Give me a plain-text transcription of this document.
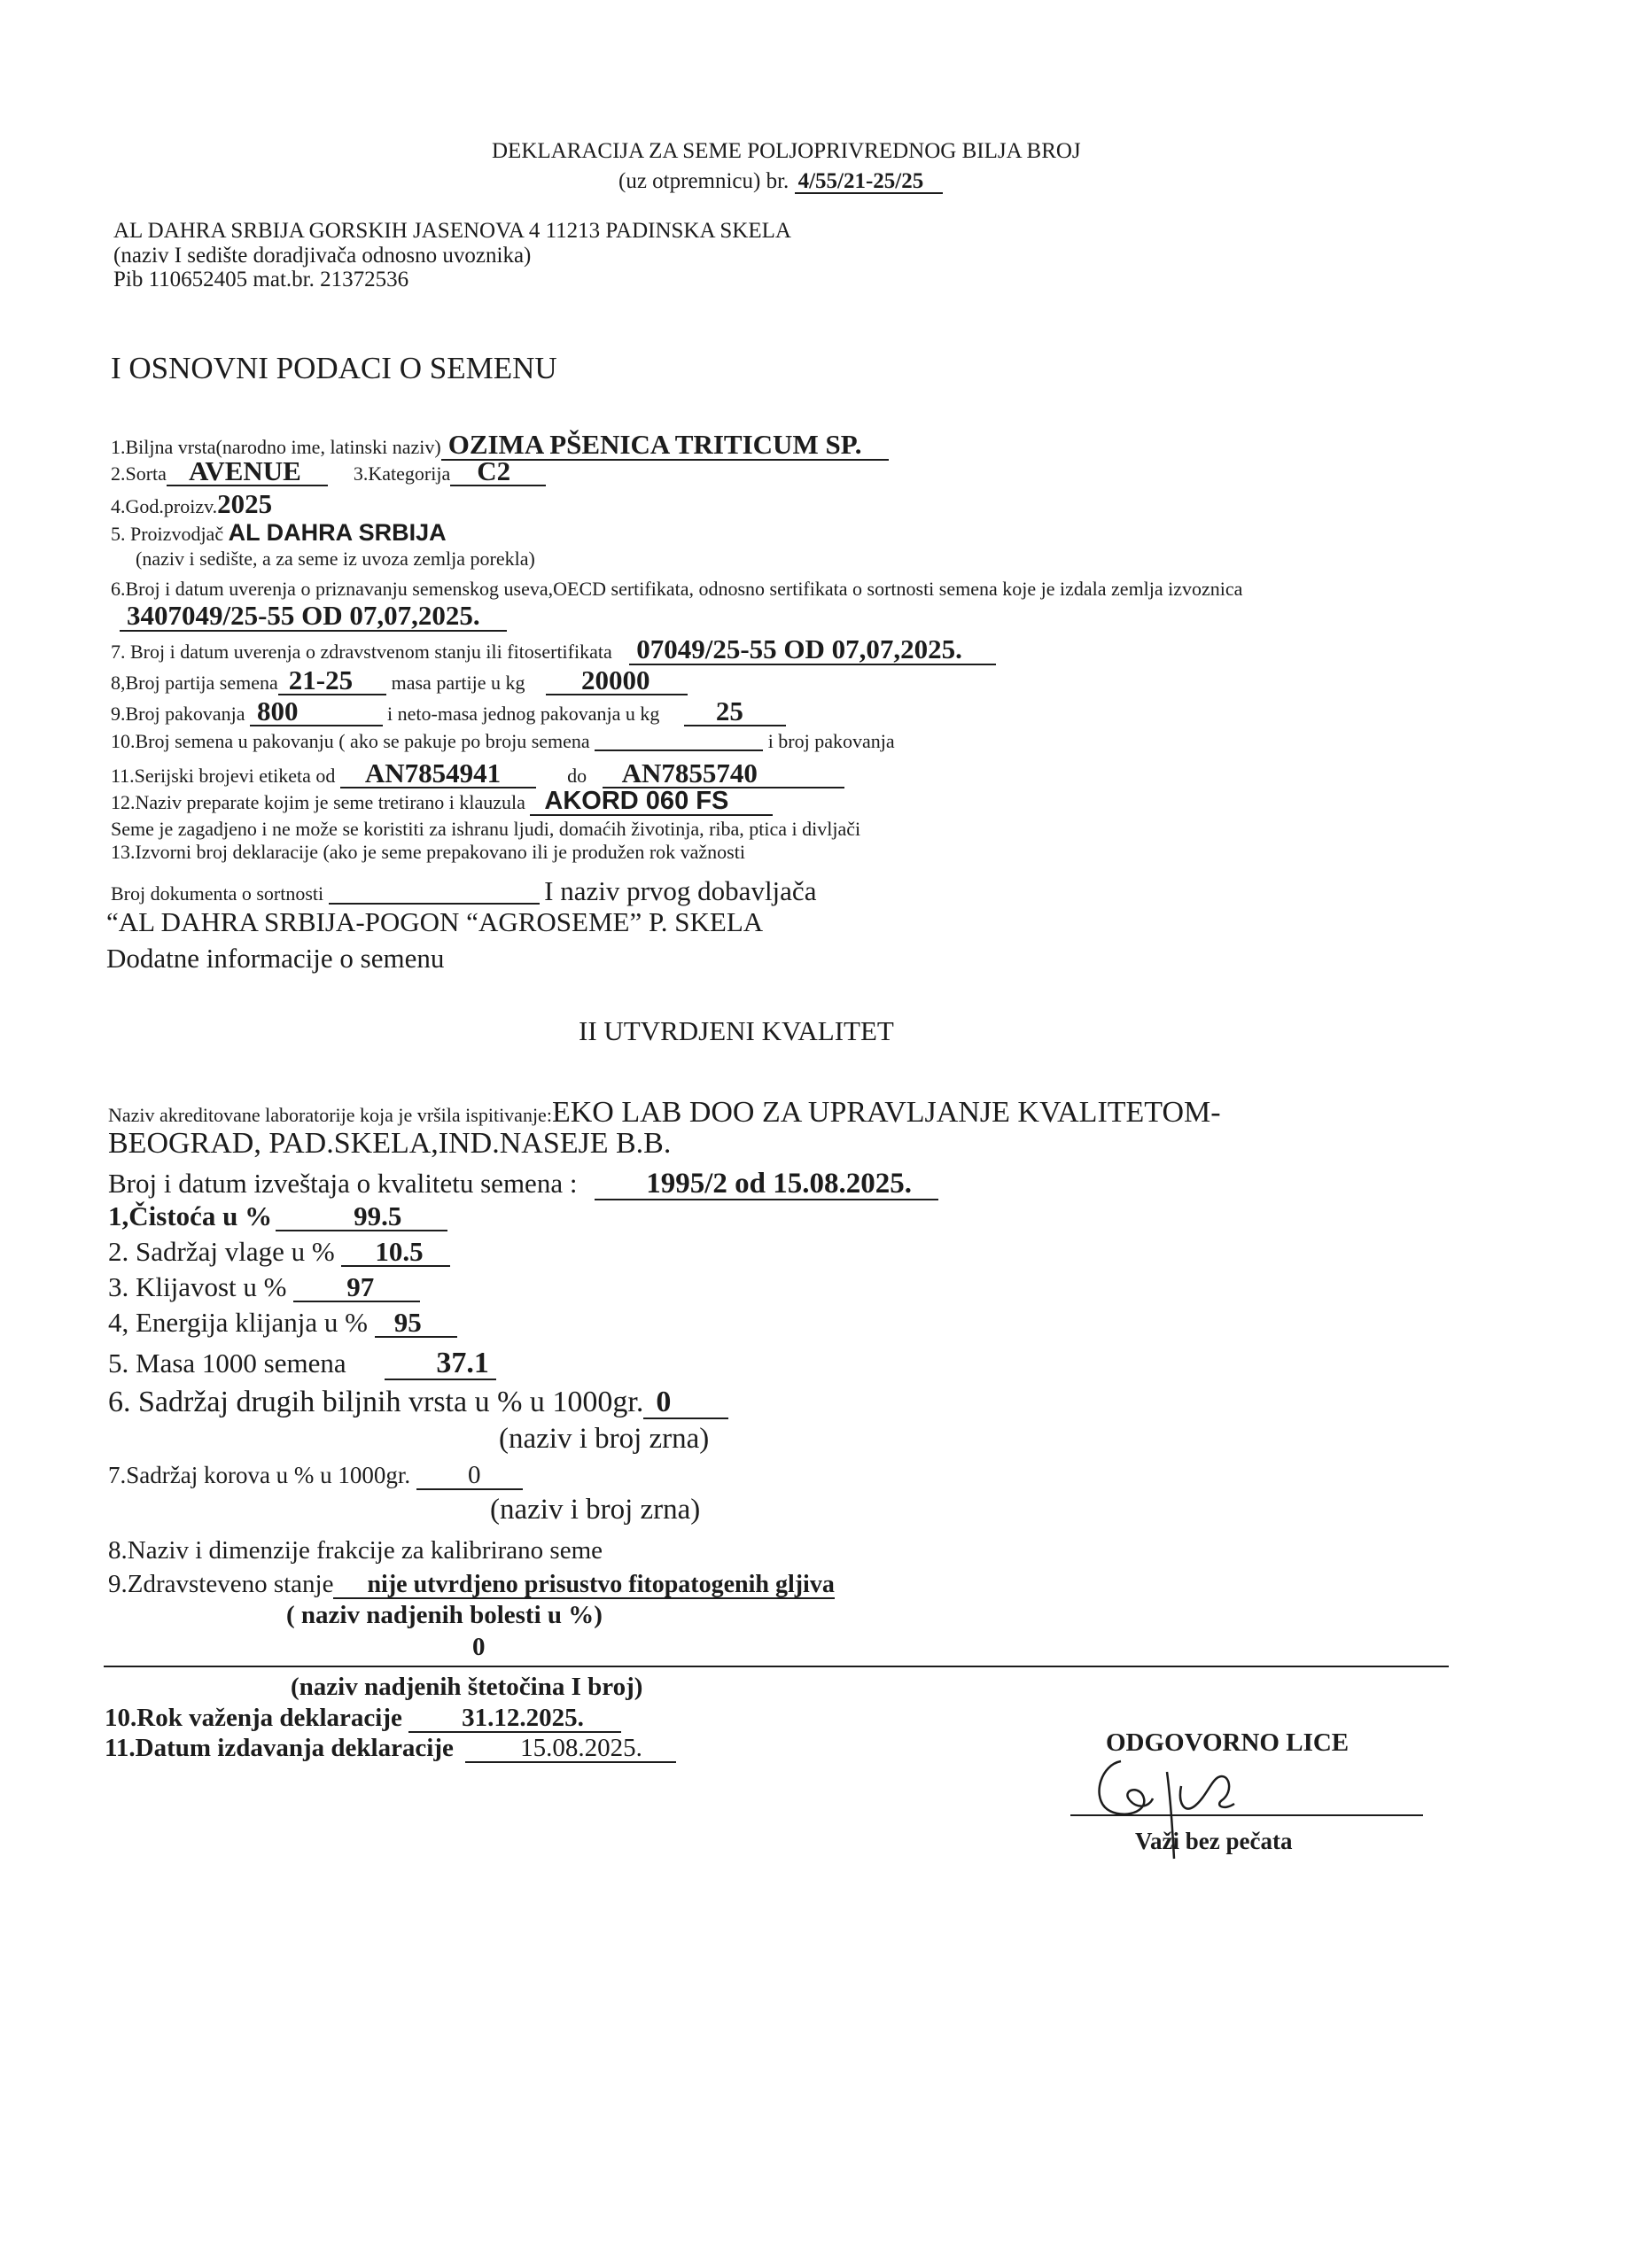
DEKLARACIJA ZA SEME POLJOPRIVREDNOG BILJA BROJ
(uz otpremnicu) br. 4/55/21-25/25
AL DAHRA SRBIJA GORSKIH JASENOVA 4 11213 PADINSKA SKELA
(naziv I sedište doradjivača odnosno uvoznika)
Pib 110652405 mat.br. 21372536
I OSNOVNI PODACI O SEMENU
1.Biljna vrsta(narodno ime, latinski naziv) OZIMA PŠENICA TRITICUM SP.
2.Sorta AVENUE	3.Kategorija C2
4.God.proizv.2025
5. Proizvodjač AL DAHRA SRBIJA
(naziv i sedište, a za seme iz uvoza zemlja porekla)
6.Broj i datum uverenja o priznavanju semenskog useva,OECD sertifikata, odnosno sertifikata o sortnosti semena koje je izdala zemlja izvoznica
3407049/25-55 OD 07,07,2025.
7. Broj i datum uverenja o zdravstvenom stanju ili fitosertifikata 07049/25-55 OD 07,07,2025.
8,Broj partija semena 21-25 masa partije u kg 20000
9.Broj pakovanja 800	i neto-masa jednog pakovanja u kg 25
10.Broj semena u pakovanju ( ako se pakuje po broju semena	i broj pakovanja
11.Serijski brojevi etiketa od AN7854941	do AN7855740
12.Naziv preparate kojim je seme tretirano i klauzula AKORD 060 FS
Seme je zagadjeno i ne može se koristiti za ishranu ljudi, domaćih životinja, riba, ptica i divljači
13.Izvorni broj deklaracije (ako je seme prepakovano ili je produžen rok važnosti
Broj dokumenta o sortnosti	I naziv prvog dobavljača
“AL DAHRA SRBIJA-POGON “AGROSEME” P. SKELA
Dodatne informacije o semenu
II UTVRDJENI KVALITET
Naziv akreditovane laboratorije koja je vršila ispitivanje:EKO LAB DOO ZA UPRAVLJANJE KVALITETOM-
BEOGRAD, PAD.SKELA,IND.NASEJE B.B.
Broj i datum izveštaja o kvalitetu semena : 1995/2 od 15.08.2025.
1,Čistoća u %	99.5
2. Sadržaj vlage u % 10.5
3. Klijavost u % 97
4, Energija klijanja u % 95
5. Masa 1000 semena	37.1
6. Sadržaj drugih biljnih vrsta u % u 1000gr. 0
(naziv i broj zrna)
7.Sadržaj korova u % u 1000gr. 0
(naziv i broj zrna)
8.Naziv i dimenzije frakcije za kalibrirano seme
9.Zdravsteveno stanje nije utvrdjeno prisustvo fitopatogenih gljiva
( naziv nadjenih bolesti u %)
0
(naziv nadjenih štetočina I broj)
10.Rok važenja deklaracije 31.12.2025.
11.Datum izdavanja deklaracije	15.08.2025.	ODGOVORNO LICE
Važi bez pečata
